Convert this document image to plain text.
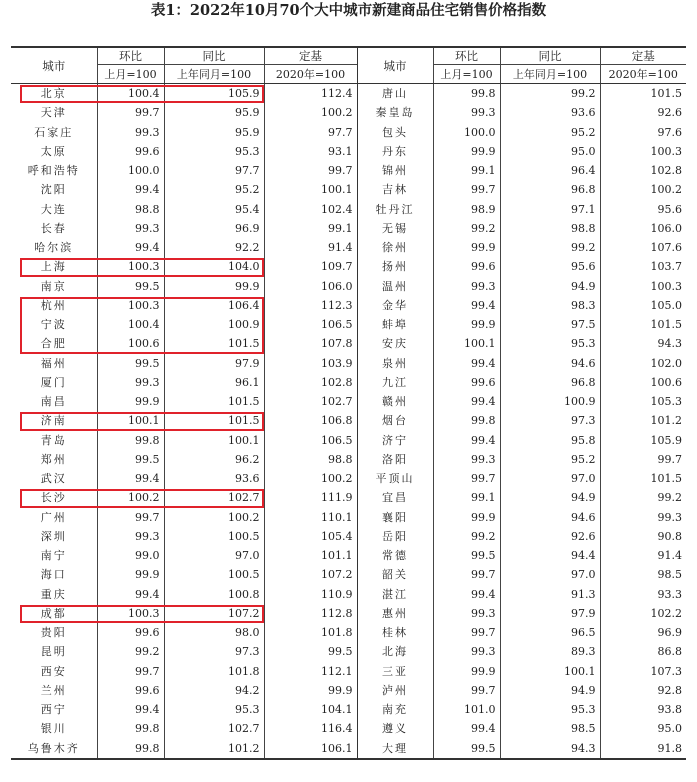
表1：2022年10月70个大中城市新建商品住宅销售价格指数
城市	环比	同比	定基	城市	环比	同比	定基
	上月=100	上年同月=100	2020年=100		上月=100	上年同月=100	2020年=100
北京	100.4	105.9	112.4	唐山	99.8	99.2	101.5
天津	99.7	95.9	100.2	秦皇岛	99.3	93.6	92.6
石家庄	99.3	95.9	97.7	包头	100.0	95.2	97.6
太原	99.6	95.3	93.1	丹东	99.9	95.0	100.3
呼和浩特	100.0	97.7	99.7	锦州	99.1	96.4	102.8
沈阳	99.4	95.2	100.1	吉林	99.7	96.8	100.2
大连	98.8	95.4	102.4	牡丹江	98.9	97.1	95.6
长春	99.3	96.9	99.1	无锡	99.2	98.8	106.0
哈尔滨	99.4	92.2	91.4	徐州	99.9	99.2	107.6
上海	100.3	104.0	109.7	扬州	99.6	95.6	103.7
南京	99.5	99.9	106.0	温州	99.3	94.9	100.3
杭州	100.3	106.4	112.3	金华	99.4	98.3	105.0
宁波	100.4	100.9	106.5	蚌埠	99.9	97.5	101.5
合肥	100.6	101.5	107.8	安庆	100.1	95.3	94.3
福州	99.5	97.9	103.9	泉州	99.4	94.6	102.0
厦门	99.3	96.1	102.8	九江	99.6	96.8	100.6
南昌	99.9	101.5	102.7	赣州	99.4	100.9	105.3
济南	100.1	101.5	106.8	烟台	99.8	97.3	101.2
青岛	99.8	100.1	106.5	济宁	99.4	95.8	105.9
郑州	99.5	96.2	98.8	洛阳	99.3	95.2	99.7
武汉	99.4	93.6	100.2	平顶山	99.7	97.0	101.5
长沙	100.2	102.7	111.9	宜昌	99.1	94.9	99.2
广州	99.7	100.2	110.1	襄阳	99.9	94.6	99.3
深圳	99.3	100.5	105.4	岳阳	99.2	92.6	90.8
南宁	99.0	97.0	101.1	常德	99.5	94.4	91.4
海口	99.9	100.5	107.2	韶关	99.7	97.0	98.5
重庆	99.4	100.8	110.9	湛江	99.4	91.3	93.3
成都	100.3	107.2	112.8	惠州	99.3	97.9	102.2
贵阳	99.6	98.0	101.8	桂林	99.7	96.5	96.9
昆明	99.2	97.3	99.5	北海	99.3	89.3	86.8
西安	99.7	101.8	112.1	三亚	99.9	100.1	107.3
兰州	99.6	94.2	99.9	泸州	99.7	94.9	92.8
西宁	99.4	95.3	104.1	南充	101.0	95.3	93.8
银川	99.8	102.7	116.4	遵义	99.4	98.5	95.0
乌鲁木齐	99.8	101.2	106.1	大理	99.5	94.3	91.8
